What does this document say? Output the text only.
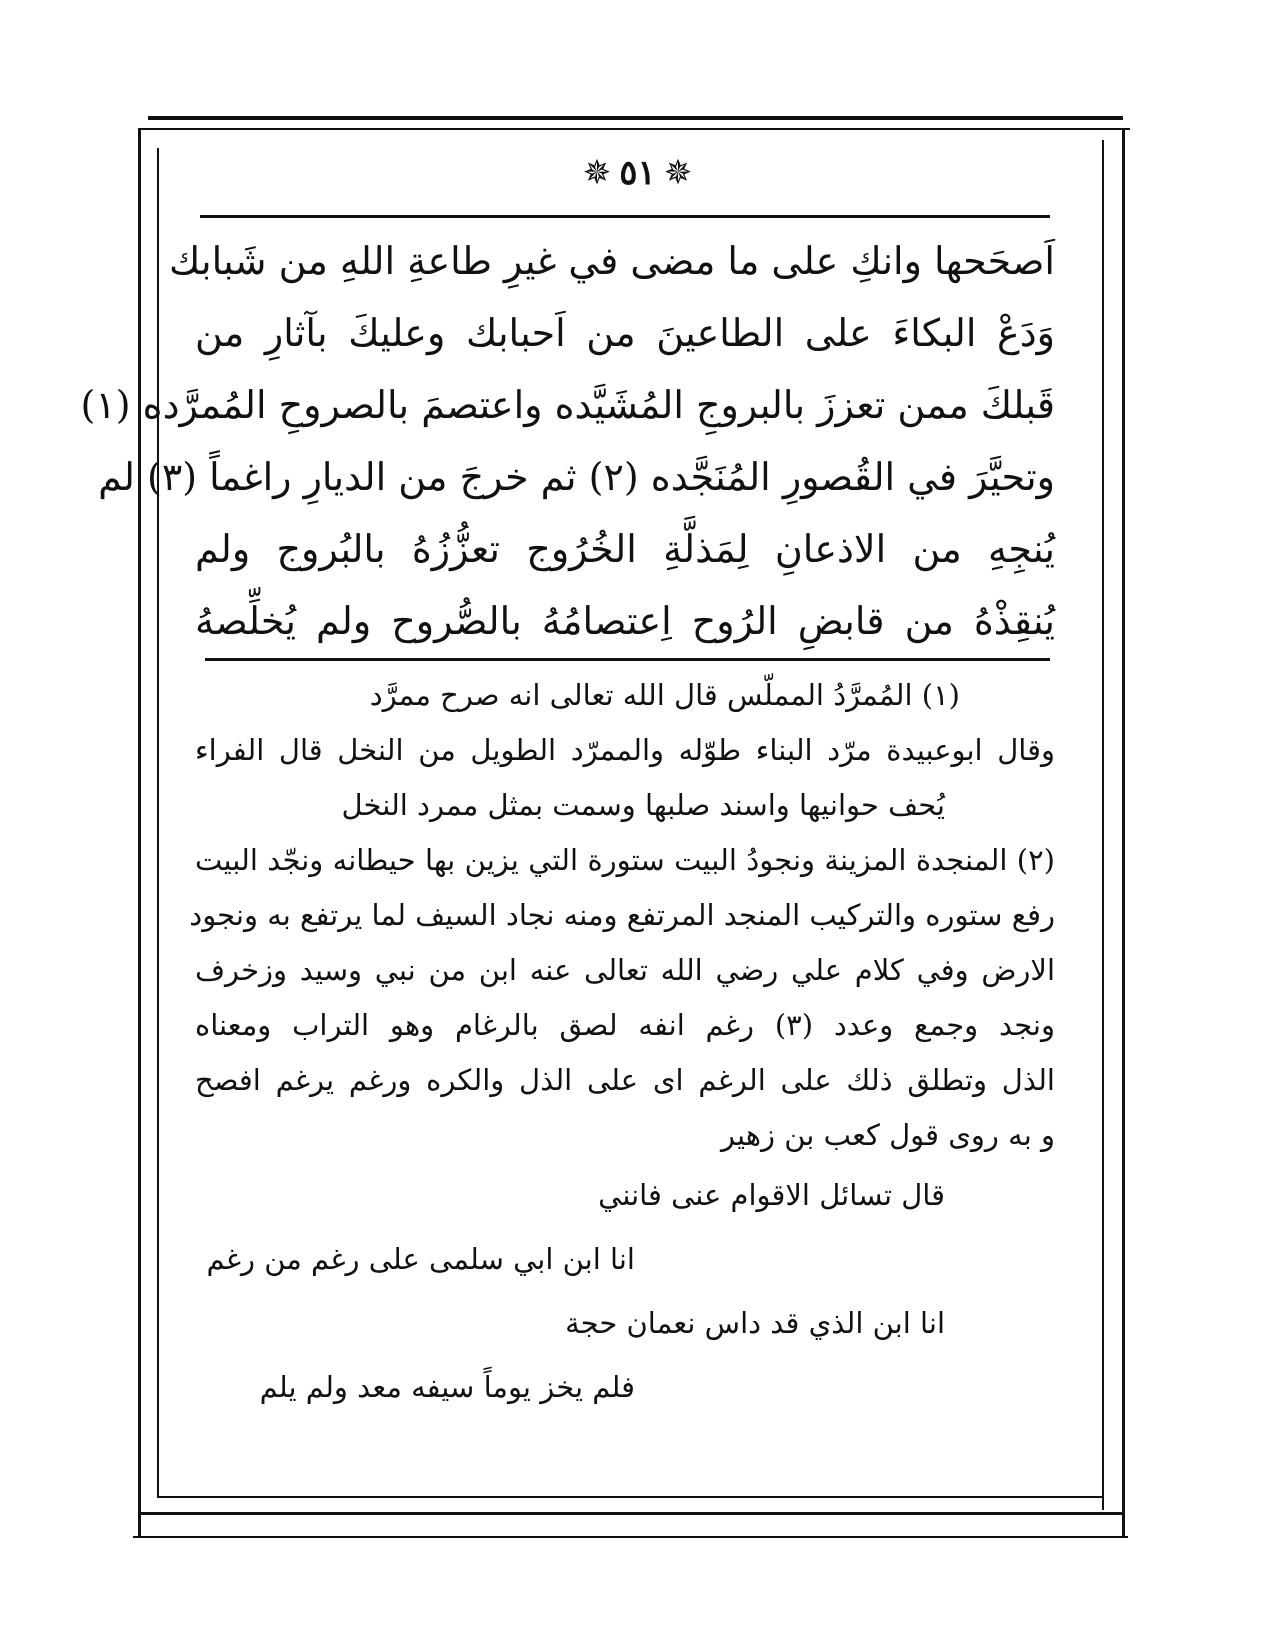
✵
٥١
✵
اَصحَحها وانكِ على ما مضى في غيرِ طاعةِ اللهِ من شَبابك
وَدَعْ البكاءَ على الطاعينَ من اَحبابك وعليكَ بآثارِ من
قَبلكَ ممن تعززَ بالبروجِ المُشَيَّده واعتصمَ بالصروحِ المُمرَّده (١)
وتحيَّرَ في القُصورِ المُنَجَّده (٢) ثم خرجَ من الديارِ راغماً (٣) لم
يُنجِهِ من الاذعانِ لِمَذلَّةِ الخُرُوج تعزُّزُهُ بالبُروج ولم
يُنقِذْهُ من قابضِ الرُوح اِعتصامُهُ بالصُّروح ولم يُخلِّصهُ
(١) المُمرَّدُ المملّس قال الله تعالى انه صرح ممرَّد
وقال ابوعبيدة مرّد البناء طوّله والممرّد الطويل من النخل قال الفراء
يُحف حوانيها واسند صلبها وسمت بمثل ممرد النخل
(٢) المنجدة المزينة ونجودُ البيت ستورة التي يزين بها حيطانه ونجّد البيت
رفع ستوره والتركيب المنجد المرتفع ومنه نجاد السيف لما يرتفع به ونجود
الارض وفي كلام علي رضي الله تعالى عنه ابن من نبي وسيد وزخرف
ونجد وجمع وعدد (٣) رغم انفه لصق بالرغام وهو التراب ومعناه
الذل وتطلق ذلك على الرغم اى على الذل والكره ورغم يرغم افصح
و به روى قول كعب بن زهير
قال تسائل الاقوام عنى فانني
انا ابن ابي سلمى على رغم من رغم
انا ابن الذي قد داس نعمان حجة
فلم يخز يوماً سيفه معد ولم يلم
